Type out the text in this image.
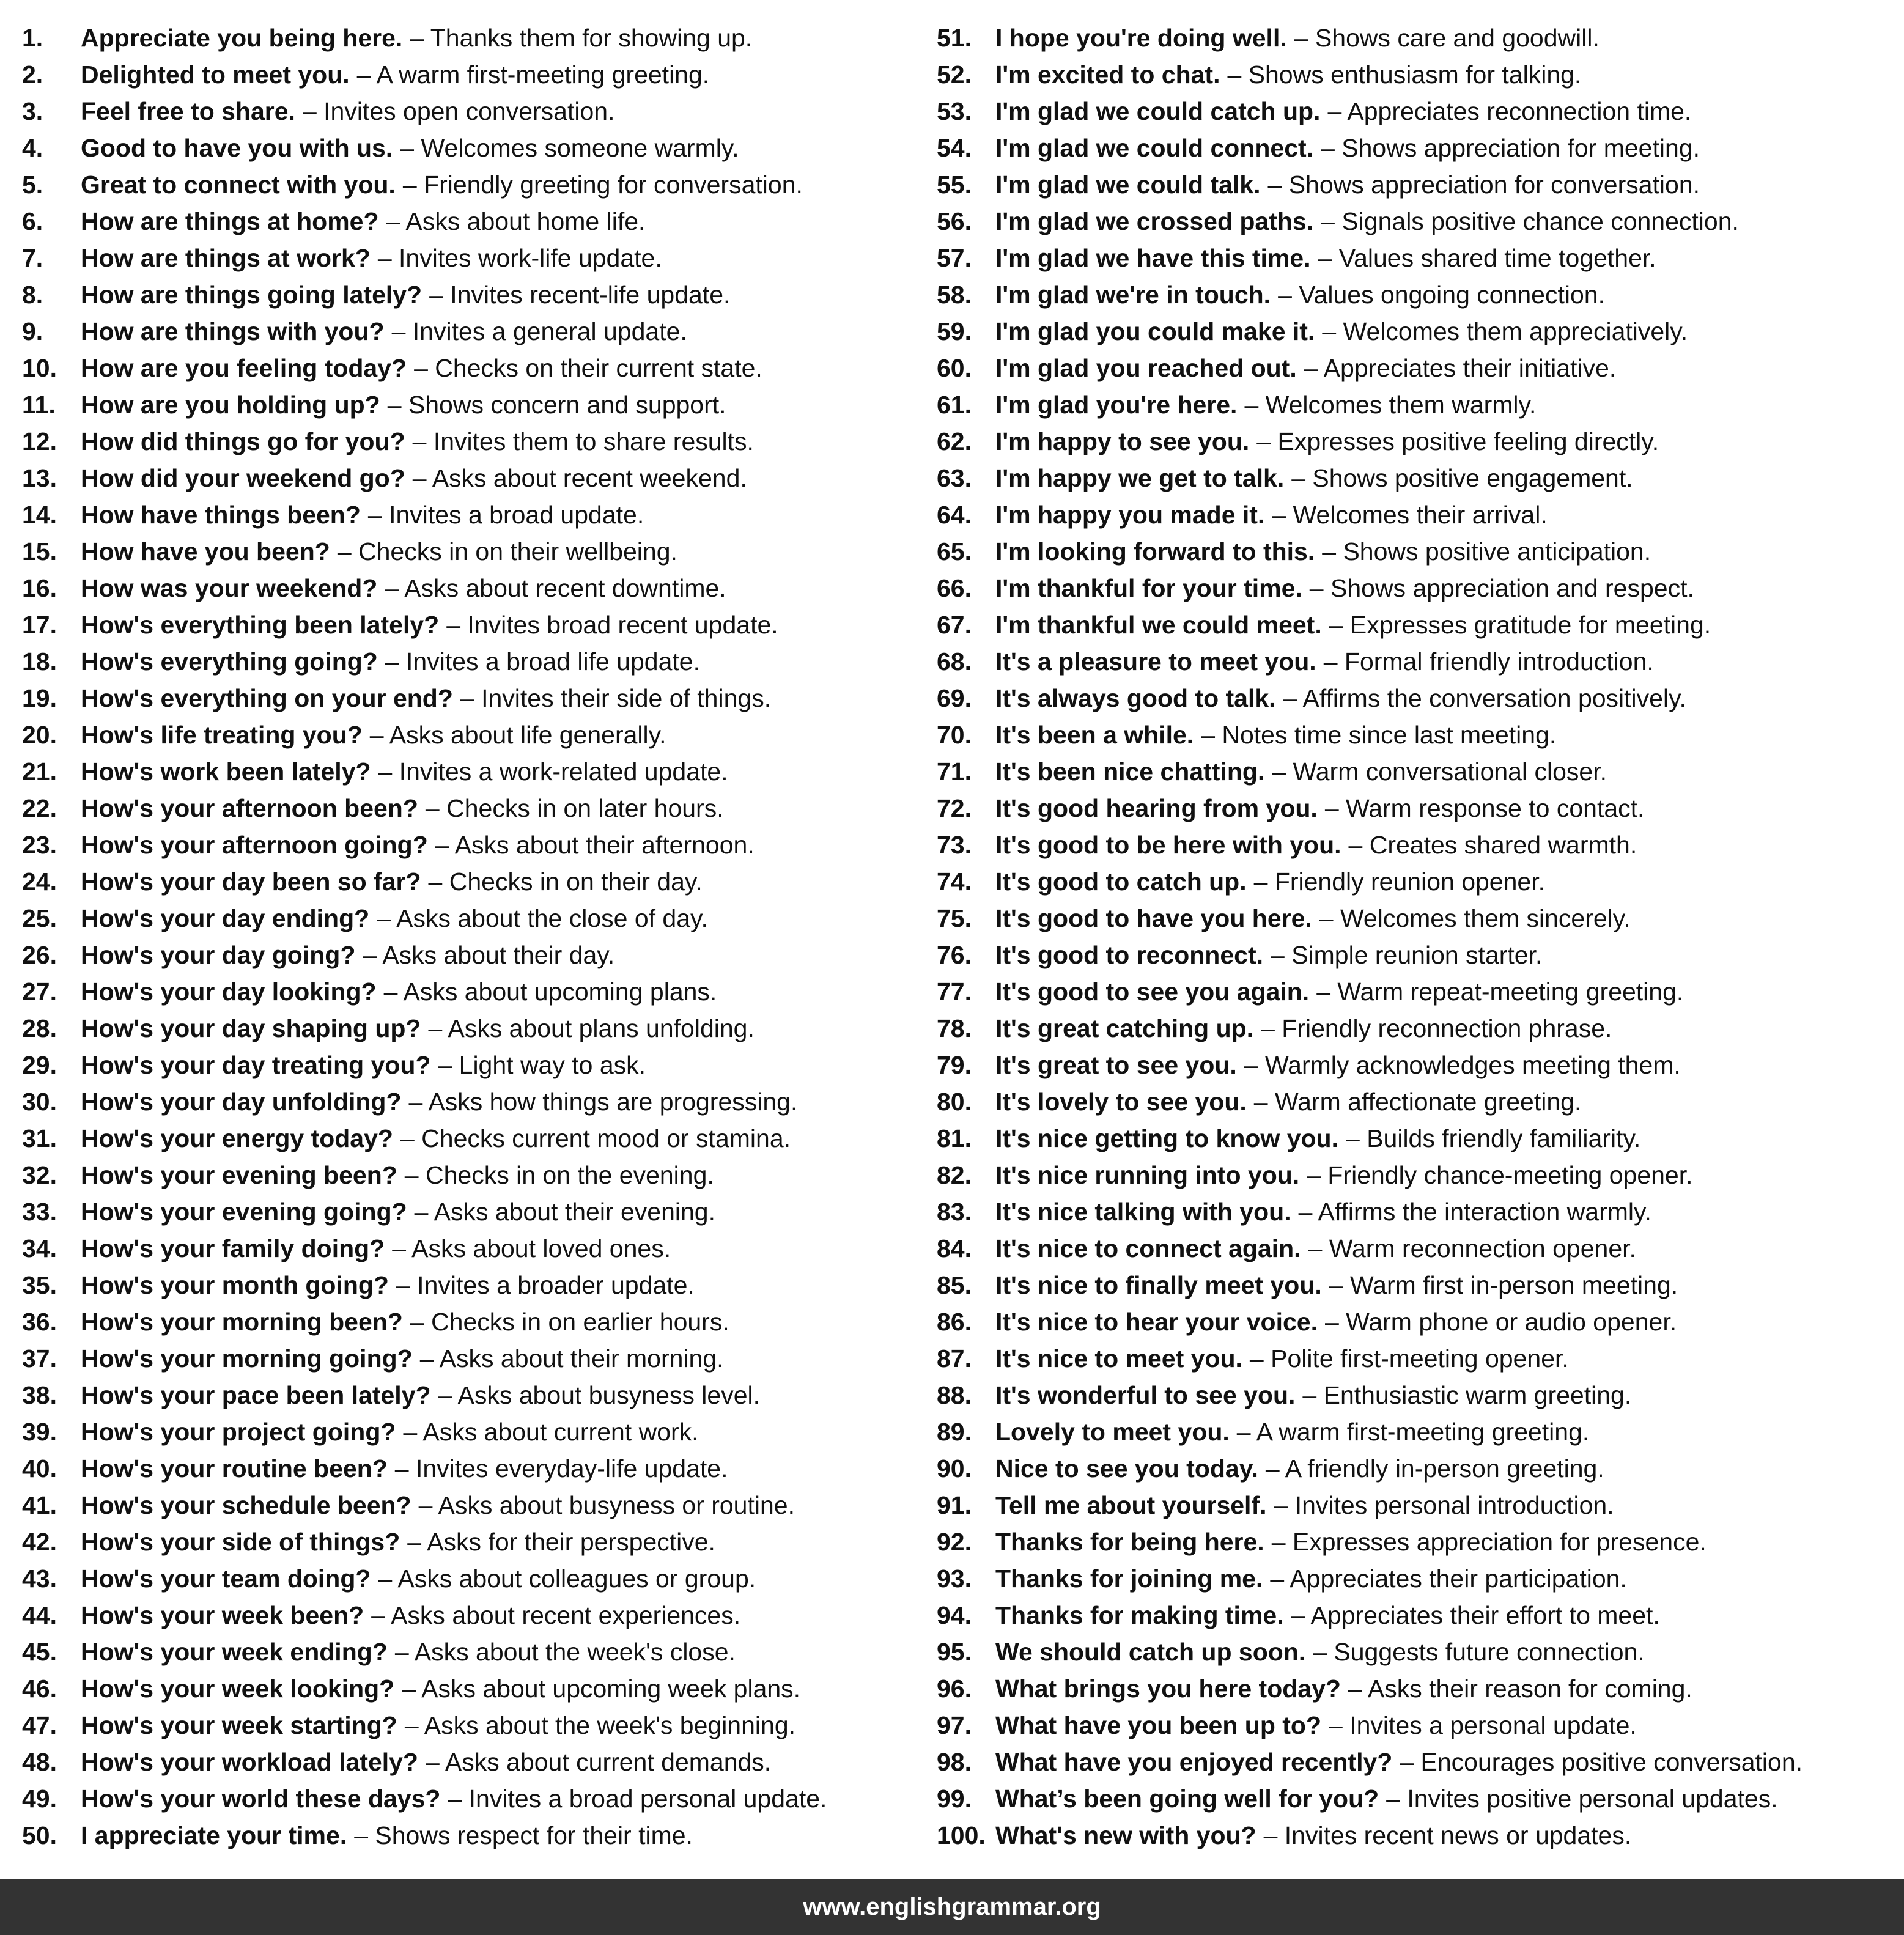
1.	Appreciate you being here. – Thanks them for showing up.
2.	Delighted to meet you. – A warm first-meeting greeting.
3.	Feel free to share. – Invites open conversation.
4.	Good to have you with us. – Welcomes someone warmly.
5.	Great to connect with you. – Friendly greeting for conversation.
6.	How are things at home? – Asks about home life.
7.	How are things at work? – Invites work-life update.
8.	How are things going lately? – Invites recent-life update.
9.	How are things with you? – Invites a general update.
10. How are you feeling today? – Checks on their current state.
11.	How are you holding up? – Shows concern and support.
12. How did things go for you? – Invites them to share results.
13. How did your weekend go? – Asks about recent weekend.
14. How have things been? – Invites a broad update.
15. How have you been? – Checks in on their wellbeing.
16. How was your weekend? – Asks about recent downtime.
17. How's everything been lately? – Invites broad recent update.
18. How's everything going? – Invites a broad life update.
19. How's everything on your end? – Invites their side of things.
20. How's life treating you? – Asks about life generally.
21. How's work been lately? – Invites a work-related update.
22. How's your afternoon been? – Checks in on later hours.
23. How's your afternoon going? – Asks about their afternoon.
24. How's your day been so far? – Checks in on their day.
25. How's your day ending? – Asks about the close of day.
26. How's your day going? – Asks about their day.
27. How's your day looking? – Asks about upcoming plans.
28. How's your day shaping up? – Asks about plans unfolding.
29. How's your day treating you? – Light way to ask.
30. How's your day unfolding? – Asks how things are progressing.
31. How's your energy today? – Checks current mood or stamina.
32. How's your evening been? – Checks in on the evening.
33. How's your evening going? – Asks about their evening.
34. How's your family doing? – Asks about loved ones.
35. How's your month going? – Invites a broader update.
36. How's your morning been? – Checks in on earlier hours.
37. How's your morning going? – Asks about their morning.
38. How's your pace been lately? – Asks about busyness level.
39. How's your project going? – Asks about current work.
40. How's your routine been? – Invites everyday-life update.
41. How's your schedule been? – Asks about busyness or routine.
42. How's your side of things? – Asks for their perspective.
43. How's your team doing? – Asks about colleagues or group.
44. How's your week been? – Asks about recent experiences.
45. How's your week ending? – Asks about the week's close.
46. How's your week looking? – Asks about upcoming week plans.
47. How's your week starting? – Asks about the week's beginning.
48. How's your workload lately? – Asks about current demands.
49. How's your world these days? – Invites a broad personal update.
50. I appreciate your time. – Shows respect for their time.
51. I hope you're doing well. – Shows care and goodwill.
52. I'm excited to chat. – Shows enthusiasm for talking.
53. I'm glad we could catch up. – Appreciates reconnection time.
54. I'm glad we could connect. – Shows appreciation for meeting.
55. I'm glad we could talk. – Shows appreciation for conversation.
56. I'm glad we crossed paths. – Signals positive chance connection.
57. I'm glad we have this time. – Values shared time together.
58. I'm glad we're in touch. – Values ongoing connection.
59. I'm glad you could make it. – Welcomes them appreciatively.
60. I'm glad you reached out. – Appreciates their initiative.
61. I'm glad you're here. – Welcomes them warmly.
62. I'm happy to see you. – Expresses positive feeling directly.
63. I'm happy we get to talk. – Shows positive engagement.
64. I'm happy you made it. – Welcomes their arrival.
65. I'm looking forward to this. – Shows positive anticipation.
66. I'm thankful for your time. – Shows appreciation and respect.
67. I'm thankful we could meet. – Expresses gratitude for meeting.
68. It's a pleasure to meet you. – Formal friendly introduction.
69. It's always good to talk. – Affirms the conversation positively.
70. It's been a while. – Notes time since last meeting.
71. It's been nice chatting. – Warm conversational closer.
72. It's good hearing from you. – Warm response to contact.
73. It's good to be here with you. – Creates shared warmth.
74. It's good to catch up. – Friendly reunion opener.
75. It's good to have you here. – Welcomes them sincerely.
76. It's good to reconnect. – Simple reunion starter.
77. It's good to see you again. – Warm repeat-meeting greeting.
78. It's great catching up. – Friendly reconnection phrase.
79. It's great to see you. – Warmly acknowledges meeting them.
80. It's lovely to see you. – Warm affectionate greeting.
81. It's nice getting to know you. – Builds friendly familiarity.
82. It's nice running into you. – Friendly chance-meeting opener.
83. It's nice talking with you. – Affirms the interaction warmly.
84. It's nice to connect again. – Warm reconnection opener.
85. It's nice to finally meet you. – Warm first in-person meeting.
86. It's nice to hear your voice. – Warm phone or audio opener.
87. It's nice to meet you. – Polite first-meeting opener.
88. It's wonderful to see you. – Enthusiastic warm greeting.
89. Lovely to meet you. – A warm first-meeting greeting.
90. Nice to see you today. – A friendly in-person greeting.
91. Tell me about yourself. – Invites personal introduction.
92. Thanks for being here. – Expresses appreciation for presence.
93. Thanks for joining me. – Appreciates their participation.
94. Thanks for making time. – Appreciates their effort to meet.
95. We should catch up soon. – Suggests future connection.
96. What brings you here today? – Asks their reason for coming.
97. What have you been up to? – Invites a personal update.
98. What have you enjoyed recently? – Encourages positive conversation.
99. What’s been going well for you? – Invites positive personal updates.
100. What's new with you? – Invites recent news or updates.
www.englishgrammar.org
